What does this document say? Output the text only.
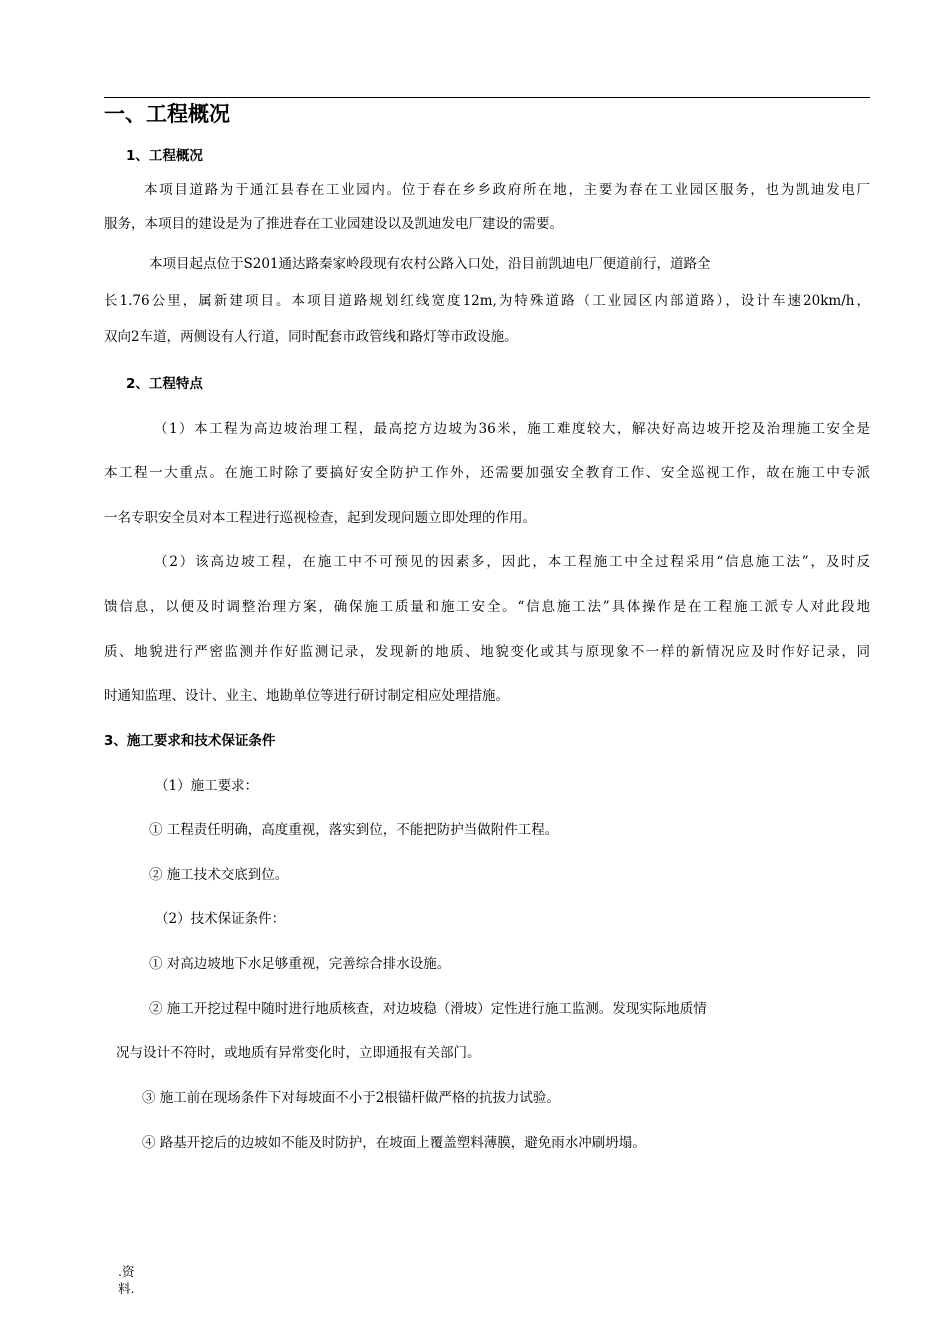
一、工程概况
1、工程概况
本项目道路为于通江县春在工业园内。位于春在乡乡政府所在地，主要为春在工业园区服务，也为凯迪发电厂
服务，本项目的建设是为了推进春在工业园建设以及凯迪发电厂建设的需要。
本项目起点位于S201通达路秦家岭段现有农村公路入口处，沿目前凯迪电厂便道前行，道路全
长1.76公里，属新建项目。本项目道路规划红线宽度12m,为特殊道路（工业园区内部道路），设计车速20km/h，
双向2车道，两侧设有人行道，同时配套市政管线和路灯等市政设施。
2、工程特点
（1）本工程为高边坡治理工程，最高挖方边坡为36米，施工难度较大，解决好高边坡开挖及治理施工安全是
本工程一大重点。在施工时除了要搞好安全防护工作外，还需要加强安全教育工作、安全巡视工作，故在施工中专派
一名专职安全员对本工程进行巡视检查，起到发现问题立即处理的作用。
（2）该高边坡工程，在施工中不可预见的因素多，因此，本工程施工中全过程采用“信息施工法”，及时反
馈信息，以便及时调整治理方案，确保施工质量和施工安全。“信息施工法”具体操作是在工程施工派专人对此段地
质、地貌进行严密监测并作好监测记录，发现新的地质、地貌变化或其与原现象不一样的新情况应及时作好记录，同
时通知监理、设计、业主、地勘单位等进行研讨制定相应处理措施。
3、施工要求和技术保证条件
（1）施工要求：
① 工程责任明确，高度重视，落实到位，不能把防护当做附件工程。
② 施工技术交底到位。
（2）技术保证条件：
① 对高边坡地下水足够重视，完善综合排水设施。
② 施工开挖过程中随时进行地质核查，对边坡稳（滑坡）定性进行施工监测。发现实际地质情
况与设计不符时，或地质有异常变化时，立即通报有关部门。
③ 施工前在现场条件下对每坡面不小于2根锚杆做严格的抗拔力试验。
④ 路基开挖后的边坡如不能及时防护，在坡面上覆盖塑料薄膜，避免雨水冲刷坍塌。
.资
料.
